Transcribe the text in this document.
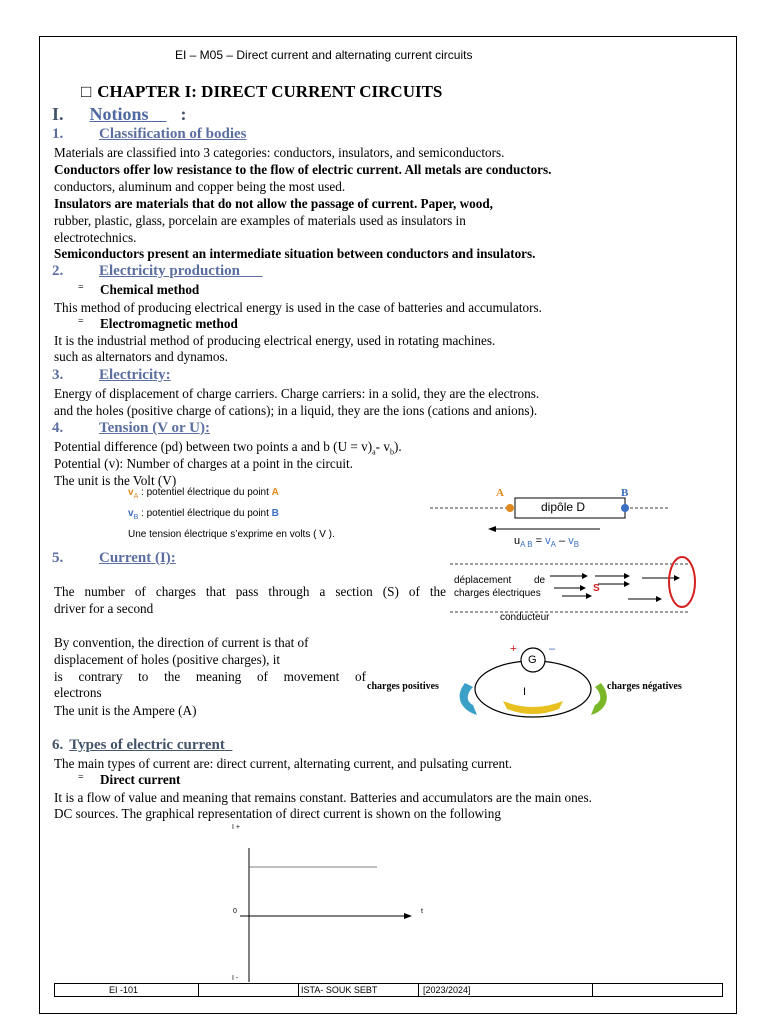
EI – M05 – Direct current and alternating current circuits
□ CHAPTER I: DIRECT CURRENT CIRCUITS
I. Notions :
1. Classification of bodies
Materials are classified into 3 categories: conductors, insulators, and semiconductors.
Conductors offer low resistance to the flow of electric current. All metals are conductors.
conductors, aluminum and copper being the most used.
Insulators are materials that do not allow the passage of current. Paper, wood,
rubber, plastic, glass, porcelain are examples of materials used as insulators in
electrotechnics.
Semiconductors present an intermediate situation between conductors and insulators.
2. Electricity production
= Chemical method
This method of producing electrical energy is used in the case of batteries and accumulators.
= Electromagnetic method
It is the industrial method of producing electrical energy, used in rotating machines.
such as alternators and dynamos.
3. Electricity:
Energy of displacement of charge carriers. Charge carriers: in a solid, they are the electrons.
and the holes (positive charge of cations); in a liquid, they are the ions (cations and anions).
4. Tension (V or U):
Potential difference (pd) between two points a and b $(U = v)_a-$ $v_b$).
Potential (v): Number of charges at a point in the circuit.
The unit is the Volt (V)
$v_A$ : potentiel électrique du point A
$v_B$ : potentiel électrique du point B
Une tension électrique s’exprime en volts ( V ).
A	B
dipôle D
$u_{A B} = v_A - v_B$
5. Current (I):
The number of charges that pass through a section (S) of the
driver for a second
déplacement de
charges électriques	S
conducteur
By convention, the direction of current is that of
displacement of holes (positive charges), it
is contrary to the meaning of movement of
electrons
The unit is the Ampere (A)
+	–
G
I
charges positives	charges négatives
6. Types of electric current
The main types of current are: direct current, alternating current, and pulsating current.
= Direct current
It is a flow of value and meaning that remains constant. Batteries and accumulators are the main ones.
DC sources. The graphical representation of direct current is shown on the following
I +
0	t
I -
EI -101	ISTA- SOUK SEBT	[2023/2024]
